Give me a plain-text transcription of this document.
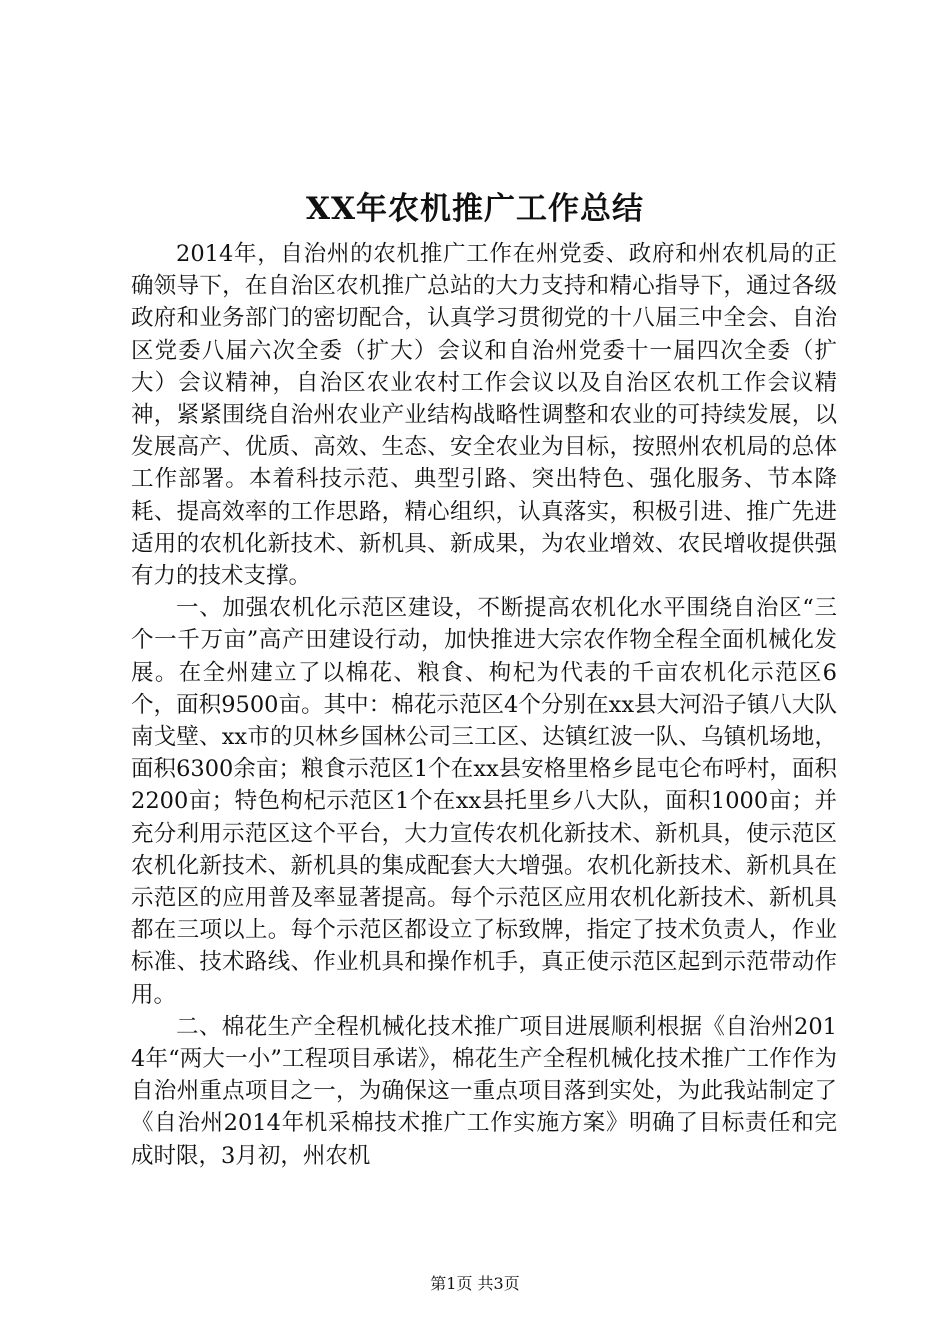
XX年农机推广工作总结

2014年，自治州的农机推广工作在州党委、政府和州农机局的正确领导下，在自治区农机推广总站的大力支持和精心指导下，通过各级政府和业务部门的密切配合，认真学习贯彻党的十八届三中全会、自治区党委八届六次全委（扩大）会议和自治州党委十一届四次全委（扩大）会议精神，自治区农业农村工作会议以及自治区农机工作会议精神，紧紧围绕自治州农业产业结构战略性调整和农业的可持续发展，以发展高产、优质、高效、生态、安全农业为目标，按照州农机局的总体工作部署。本着科技示范、典型引路、突出特色、强化服务、节本降耗、提高效率的工作思路，精心组织，认真落实，积极引进、推广先进适用的农机化新技术、新机具、新成果，为农业增效、农民增收提供强有力的技术支撑。

一、加强农机化示范区建设，不断提高农机化水平围绕自治区“三个一千万亩”高产田建设行动，加快推进大宗农作物全程全面机械化发展。在全州建立了以棉花、粮食、枸杞为代表的千亩农机化示范区6个，面积9500亩。其中：棉花示范区4个分别在xx县大河沿子镇八大队南戈壁、xx市的贝林乡国林公司三工区、达镇红波一队、乌镇机场地，面积6300余亩；粮食示范区1个在xx县安格里格乡昆屯仑布呼村，面积2200亩；特色枸杞示范区1个在xx县托里乡八大队，面积1000亩；并充分利用示范区这个平台，大力宣传农机化新技术、新机具，使示范区农机化新技术、新机具的集成配套大大增强。农机化新技术、新机具在示范区的应用普及率显著提高。每个示范区应用农机化新技术、新机具都在三项以上。每个示范区都设立了标致牌，指定了技术负责人，作业标准、技术路线、作业机具和操作机手，真正使示范区起到示范带动作用。

二、棉花生产全程机械化技术推广项目进展顺利根据《自治州2014年“两大一小”工程项目承诺》，棉花生产全程机械化技术推广工作作为自治州重点项目之一，为确保这一重点项目落到实处，为此我站制定了《自治州2014年机采棉技术推广工作实施方案》明确了目标责任和完成时限，3月初，州农机

第1页 共3页
